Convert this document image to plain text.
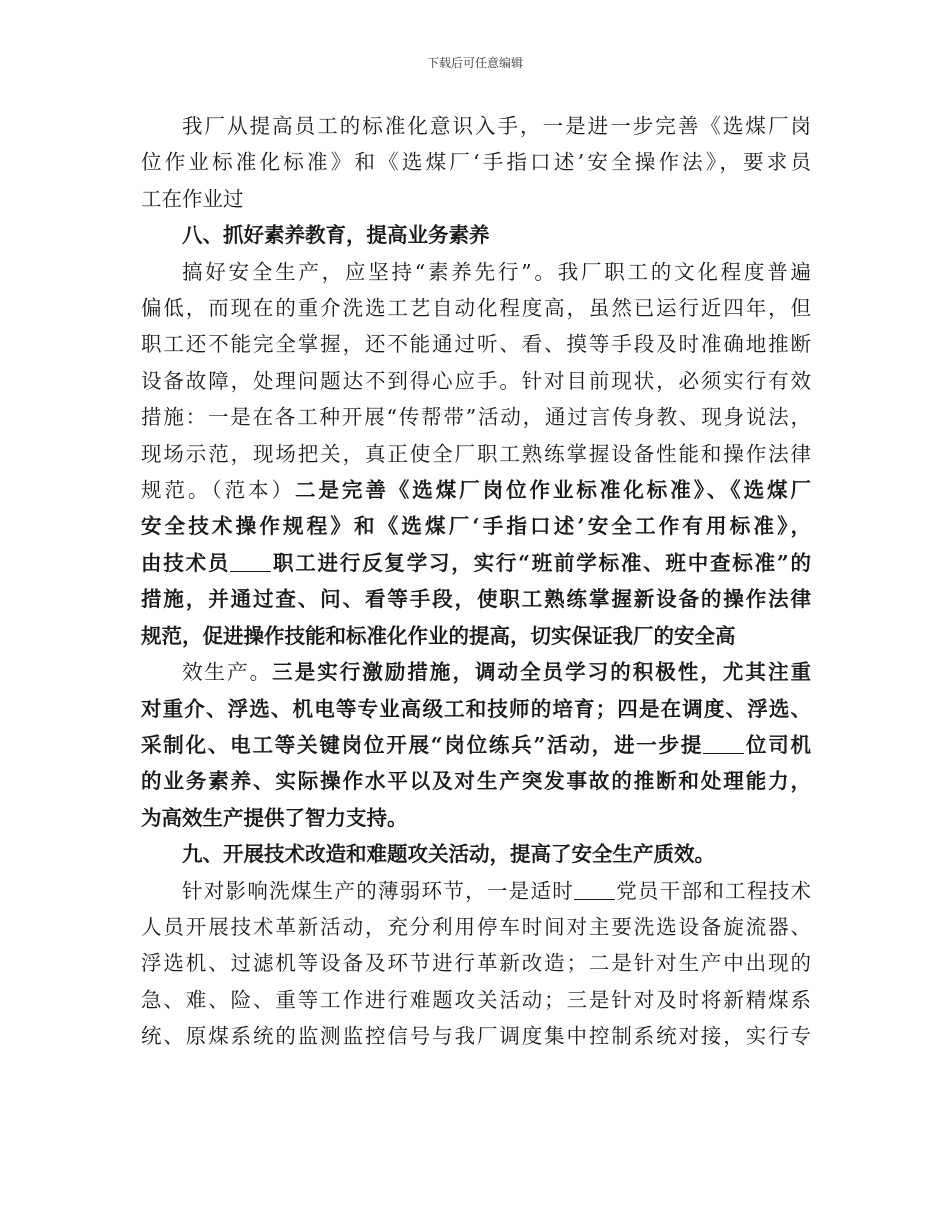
下载后可任意编辑

我厂从提高员工的标准化意识入手，一是进一步完善《选煤厂岗

位作业标准化标准》和《选煤厂‘手指口述’安全操作法》，要求员

工在作业过

八、抓好素养教育，提高业务素养

搞好安全生产，应坚持“素养先行”。我厂职工的文化程度普遍

偏低，而现在的重介洗选工艺自动化程度高，虽然已运行近四年，但

职工还不能完全掌握，还不能通过听、看、摸等手段及时准确地推断

设备故障，处理问题达不到得心应手。针对目前现状，必须实行有效

措施：一是在各工种开展“传帮带”活动，通过言传身教、现身说法，

现场示范，现场把关，真正使全厂职工熟练掌握设备性能和操作法律

规范。（范本）二是完善《选煤厂岗位作业标准化标准》、《选煤厂

安全技术操作规程》和《选煤厂‘手指口述’安全工作有用标准》，

由技术员 职工进行反复学习，实行“班前学标准、班中查标准”的

措施，并通过查、问、看等手段，使职工熟练掌握新设备的操作法律

规范，促进操作技能和标准化作业的提高，切实保证我厂的安全高

效生产。三是实行激励措施，调动全员学习的积极性，尤其注重

对重介、浮选、机电等专业高级工和技师的培育；四是在调度、浮选、

采制化、电工等关键岗位开展“岗位练兵”活动，进一步提 位司机

的业务素养、实际操作水平以及对生产突发事故的推断和处理能力，

为高效生产提供了智力支持。

九、开展技术改造和难题攻关活动，提高了安全生产质效。

针对影响洗煤生产的薄弱环节，一是适时 党员干部和工程技术

人员开展技术革新活动，充分利用停车时间对主要洗选设备旋流器、

浮选机、过滤机等设备及环节进行革新改造；二是针对生产中出现的

急、难、险、重等工作进行难题攻关活动；三是针对及时将新精煤系

统、原煤系统的监测监控信号与我厂调度集中控制系统对接，实行专
